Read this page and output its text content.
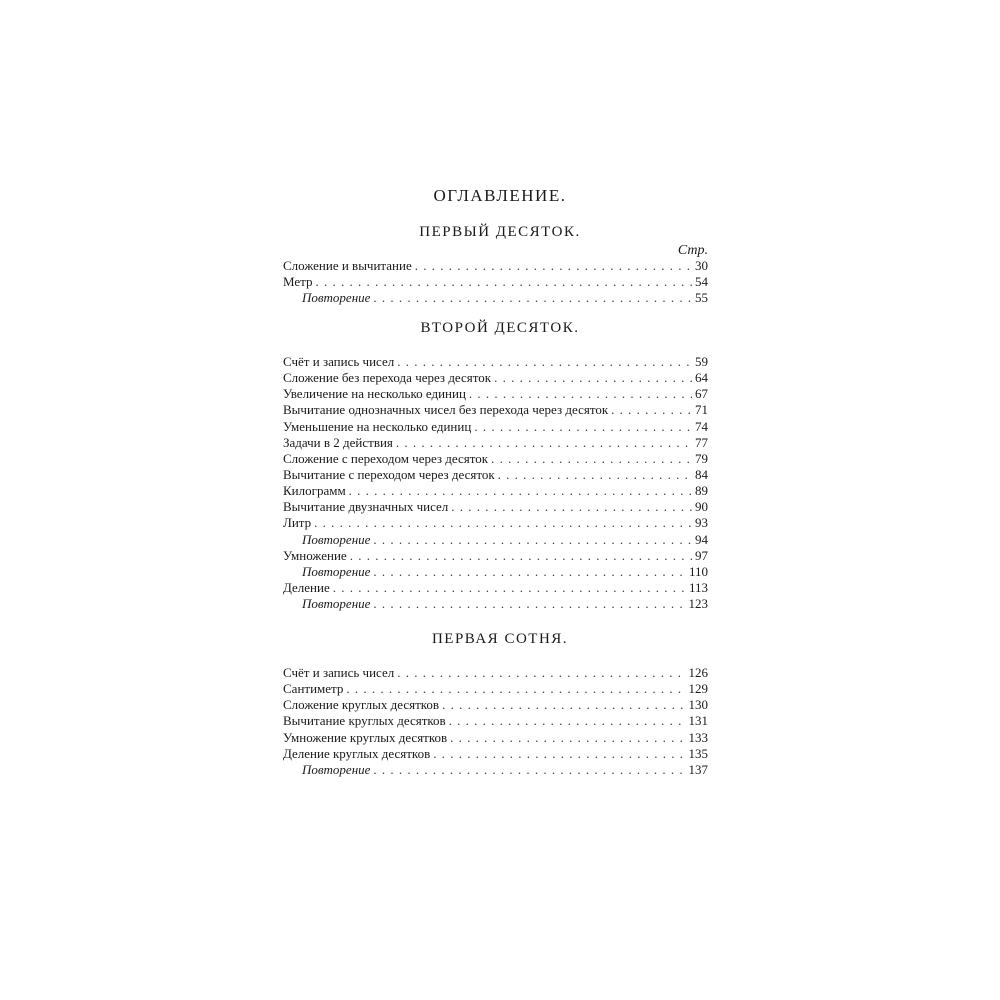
ОГЛАВЛЕНИЕ.
ПЕРВЫЙ ДЕСЯТОК.
Стр.
Сложение и вычитание . . .	30
Метр . . .	54
Повторение . . .	55
ВТОРОЙ ДЕСЯТОК.
Счёт и запись чисел . . .	59
Сложение без перехода через десяток . . .	64
Увеличение на несколько единиц . . .	67
Вычитание однозначных чисел без перехода через десяток . . .	71
Уменьшение на несколько единиц . . .	74
Задачи в 2 действия . . .	77
Сложение с переходом через десяток . . .	79
Вычитание с переходом через десяток . . .	84
Килограмм . . .	89
Вычитание двузначных чисел . . .	90
Литр . . .	93
Повторение . . .	94
Умножение . . .	97
Повторение . . .	110
Деление . . .	113
Повторение . . .	123
ПЕРВАЯ СОТНЯ.
Счёт и запись чисел . . .	126
Сантиметр . . .	129
Сложение круглых десятков . . .	130
Вычитание круглых десятков . . .	131
Умножение круглых десятков . . .	133
Деление круглых десятков . . .	135
Повторение . . .	137
